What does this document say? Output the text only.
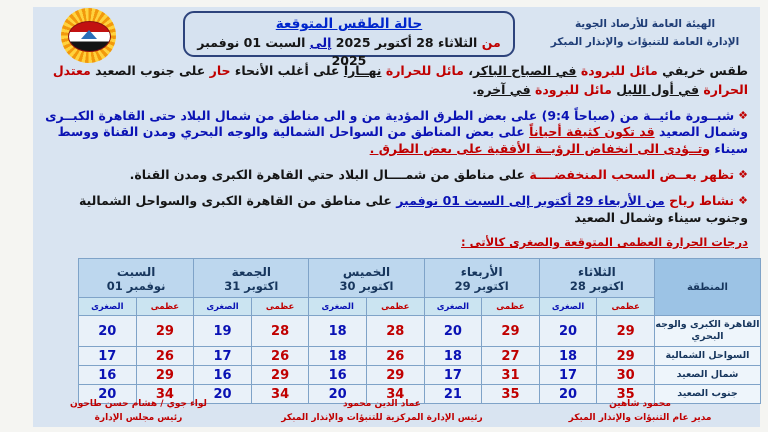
الهيئة العامة للأرصاد الجوية
الإدارة العامة للتنبؤات والإنذار المبكر
حالة الطقس المتوقعة
من الثلاثاء 28 أكتوبر 2025 إلى السبت 01 نوفمبر 2025

طقس خريفي مائل للبرودة في الصباح الباكر، مائل للحرارة نهــاراً على أغلب الأنحاء حار على جنوب الصعيد معتدل الحرارة في أول الليل مائل للبرودة في آخره.

❖شبــورة مائيــة من (9:4 صباحاً) على بعض الطرق المؤدية من و الى مناطق من شمال البلاد حتى القاهرة الكبــرى وشمال الصعيد قد تكون كثيفة أحياناً على بعض المناطق من السواحل الشمالية والوجه البحري ومدن القناة ووسط سيناء وتــؤدى الى انخفاض الرؤيــة الأفقية على بعض الطرق .

❖تظهر بعــض السحب المنخفضــــة على مناطق من شمــــال البلاد حتي القاهرة الكبرى ومدن القناة.

❖نشاط رياح من الأربعاء 29 أكتوبر إلى السبت 01 نوفمبر على مناطق من القاهرة الكبرى والسواحل الشمالية وجنوب سيناء وشمال الصعيد

درجات الحرارة العظمى المتوقعة والصغرى كالأتى :
المنطقة	
الثلاثاء
28 اكتوبر

الأربعاء
29 اكتوبر

الخميس
30 اكتوبر

الجمعة
31 اكتوبر

السبت
01 نوفمبر

	عظمى	الصغرى	عظمى	الصغرى	عظمى	الصغرى	عظمى	الصغرى	عظمى	الصغرى
القاهرة الكبرى والوجه البحري	29	20	29	20	28	18	28	19	29	20
السواحل الشمالية	29	18	27	18	26	18	26	17	26	17
شمال الصعيد	30	17	31	17	29	16	29	16	29	16
جنوب الصعيد	35	20	35	21	34	20	34	20	34	20
محمود شاهين
مدير عام التنبؤات والإنذار المبكر
عماد الدين محمود
رئيس الإدارة المركزية للتنبؤات والإنذار المبكر
لواء جوي / هشام حسن طاحون
رئيس مجلس الإدارة
